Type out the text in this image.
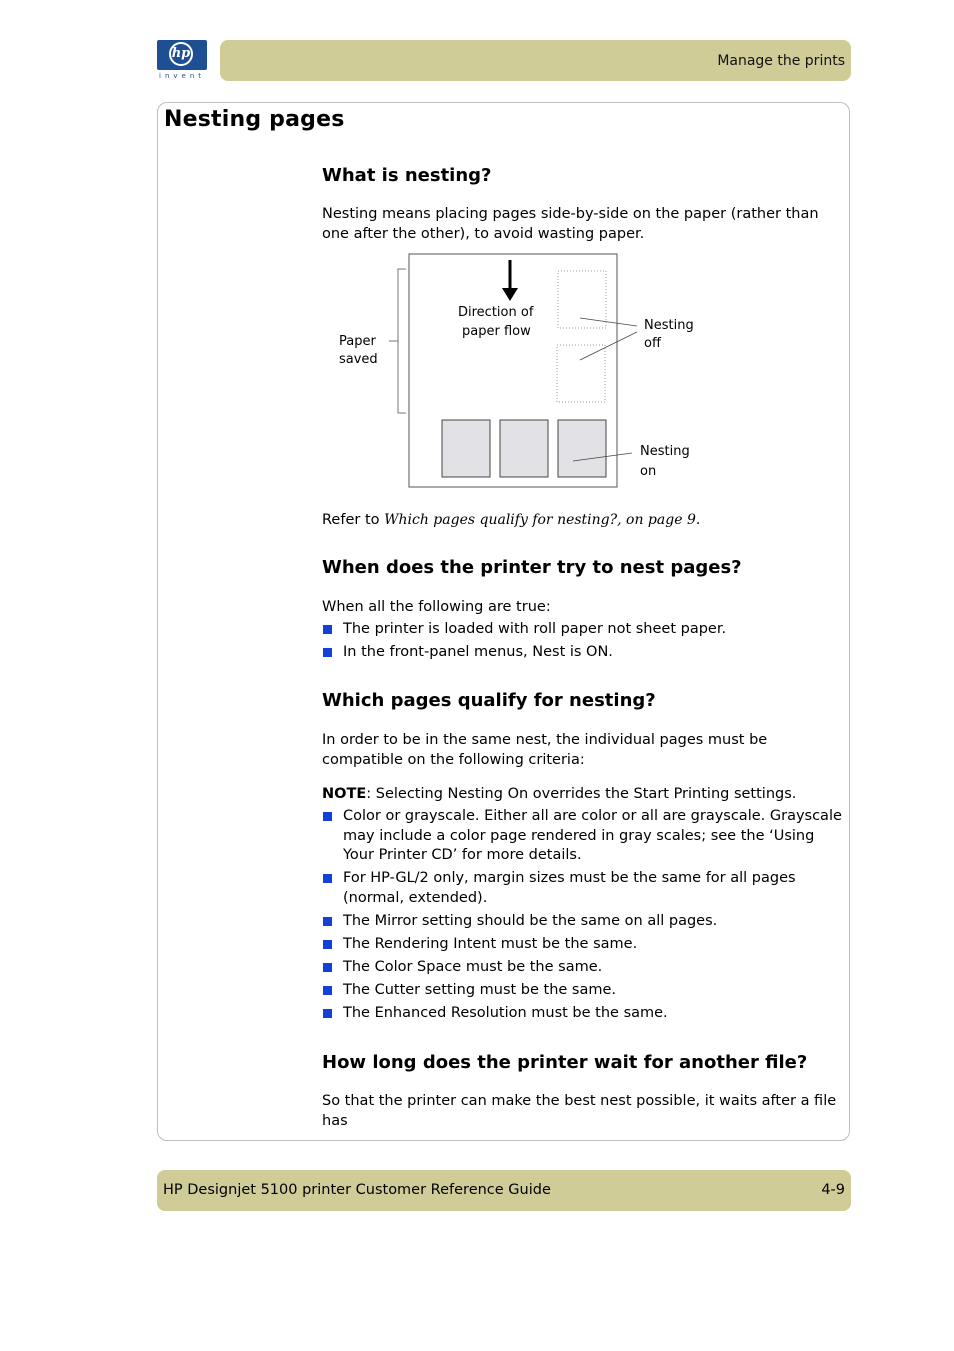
hp
invent
Manage the prints
Nesting pages
What is nesting?
Nesting means placing pages side-by-side on the paper (rather than one after the other), to avoid wasting paper.
Direction of
paper flow
Paper
saved
Nesting
off
Nesting
on
Refer to Which pages qualify for nesting?, on page 9.
When does the printer try to nest pages?
When all the following are true:
The printer is loaded with roll paper not sheet paper.
In the front-panel menus, Nest is ON.
Which pages qualify for nesting?
In order to be in the same nest, the individual pages must be compatible on the following criteria:
NOTE: Selecting Nesting On overrides the Start Printing settings.
Color or grayscale. Either all are color or all are grayscale. Grayscale may include a color page rendered in gray scales; see the ‘Using Your Printer CD’ for more details.
For HP-GL/2 only, margin sizes must be the same for all pages (normal, extended).
The Mirror setting should be the same on all pages.
The Rendering Intent must be the same.
The Color Space must be the same.
The Cutter setting must be the same.
The Enhanced Resolution must be the same.
How long does the printer wait for another file?
So that the printer can make the best nest possible, it waits after a file has
HP Designjet 5100 printer Customer Reference Guide	4-9
